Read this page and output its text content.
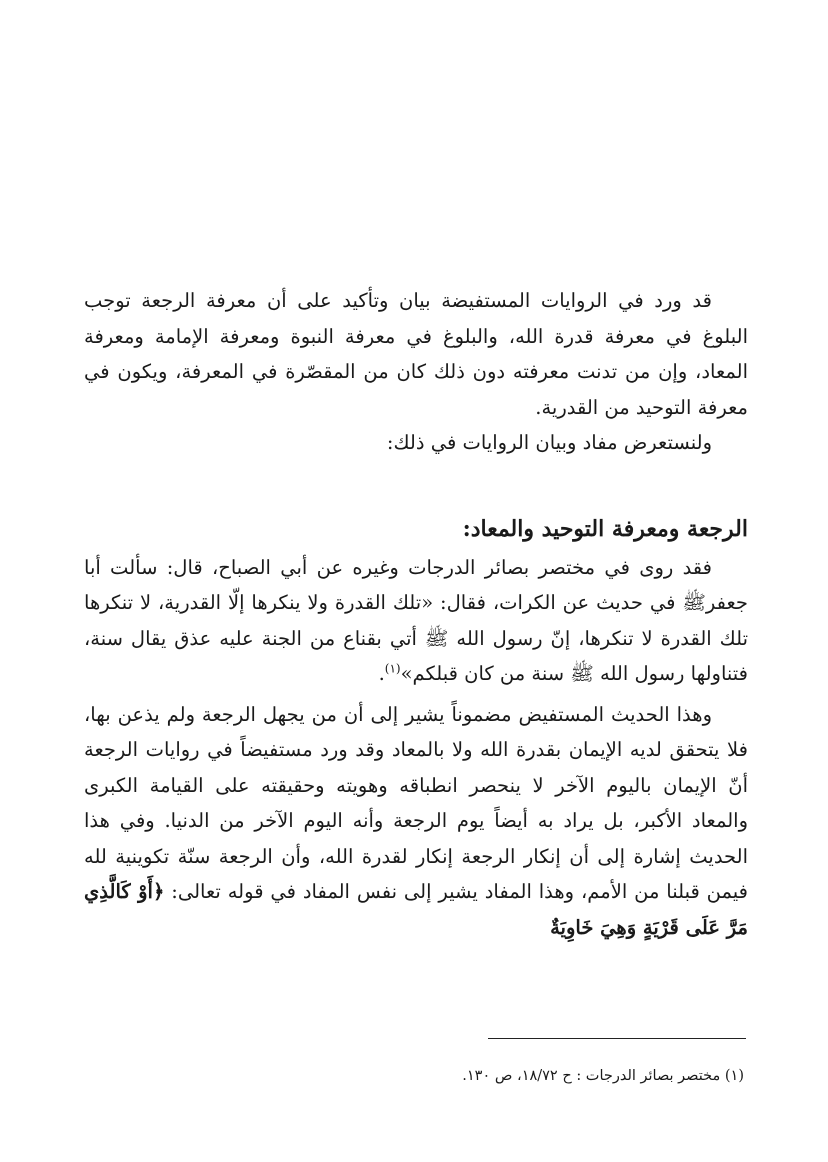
قد ورد في الروايات المستفيضة بيان وتأكيد على أن معرفة الرجعة توجب البلوغ في معرفة قدرة الله، والبلوغ في معرفة النبوة ومعرفة الإمامة ومعرفة المعاد، وإن من تدنت معرفته دون ذلك كان من المقصّرة في المعرفة، ويكون في معرفة التوحيد من القدرية.

ولنستعرض مفاد وبيان الروايات في ذلك:

الرجعة ومعرفة التوحيد والمعاد:

فقد روى في مختصر بصائر الدرجات وغيره عن أبي الصباح، قال: سألت أبا جعفرﷺ في حديث عن الكرات، فقال: «تلك القدرة ولا ينكرها إلّا القدرية، لا تنكرها تلك القدرة لا تنكرها، إنّ رسول الله ﷺ أتي بقناع من الجنة عليه عذق يقال سنة، فتناولها رسول الله ﷺ سنة من كان قبلكم»$^{(١)}$.

وهذا الحديث المستفيض مضموناً يشير إلى أن من يجهل الرجعة ولم يذعن بها، فلا يتحقق لديه الإيمان بقدرة الله ولا بالمعاد وقد ورد مستفيضاً في روايات الرجعة أنّ الإيمان باليوم الآخر لا ينحصر انطباقه وهويته وحقيقته على القيامة الكبرى والمعاد الأكبر، بل يراد به أيضاً يوم الرجعة وأنه اليوم الآخر من الدنيا. وفي هذا الحديث إشارة إلى أن إنكار الرجعة إنكار لقدرة الله، وأن الرجعة سنّة تكوينية لله فيمن قبلنا من الأمم، وهذا المفاد يشير إلى نفس المفاد في قوله تعالى: ﴿أَوْ كَالَّذِي مَرَّ عَلَى قَرْيَةٍ وَهِيَ خَاوِيَةٌ

(١) مختصر بصائر الدرجات : ح ١٨/٧٢، ص ١٣٠.
